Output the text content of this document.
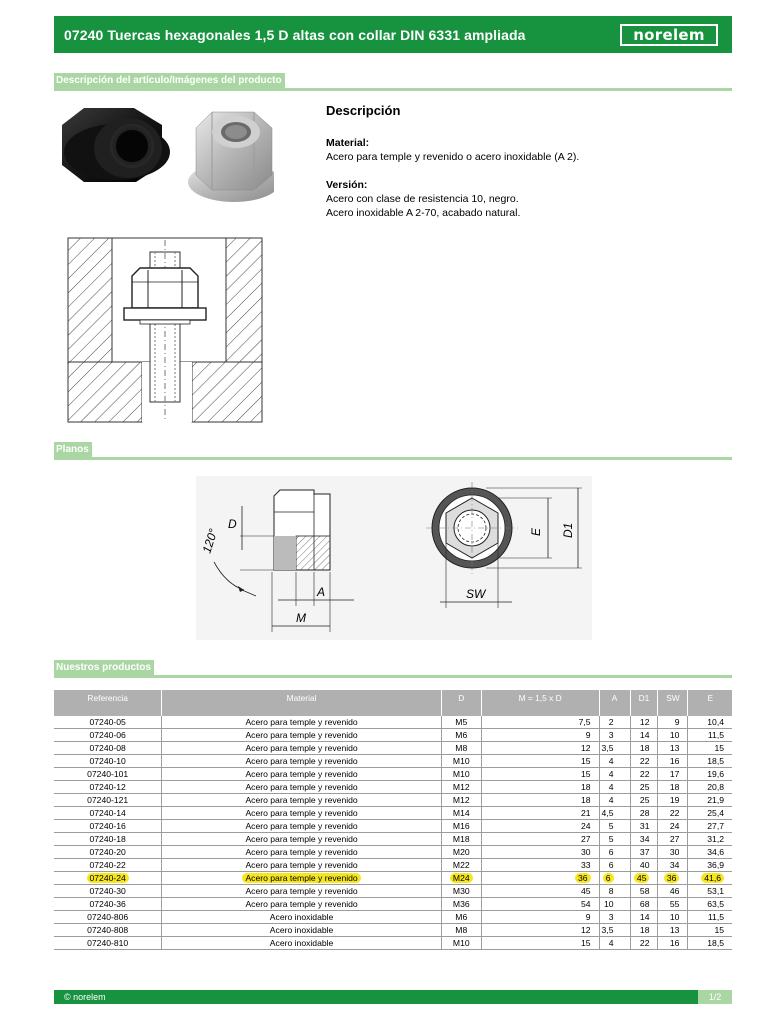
07240 Tuercas hexagonales 1,5 D altas con collar DIN 6331 ampliada	norelem
Descripción del artículo/Imágenes del producto
Descripción
Material:
Acero para temple y revenido o acero inoxidable (A 2).
Versión:
Acero con clase de resistencia 10, negro.
Acero inoxidable A 2-70, acabado natural.
Planos
D
120°
A
M
E D1
SW
Nuestros productos
Referencia	Material	D	M = 1,5 x D	A	D1	SW	E
07240-05	Acero para temple y revenido	M5	7,5	2	12	9	10,4
07240-06	Acero para temple y revenido	M6	9	3	14	10	11,5
07240-08	Acero para temple y revenido	M8	12	3,5	18	13	15
07240-10	Acero para temple y revenido	M10	15	4	22	16	18,5
07240-101	Acero para temple y revenido	M10	15	4	22	17	19,6
07240-12	Acero para temple y revenido	M12	18	4	25	18	20,8
07240-121	Acero para temple y revenido	M12	18	4	25	19	21,9
07240-14	Acero para temple y revenido	M14	21	4,5	28	22	25,4
07240-16	Acero para temple y revenido	M16	24	5	31	24	27,7
07240-18	Acero para temple y revenido	M18	27	5	34	27	31,2
07240-20	Acero para temple y revenido	M20	30	6	37	30	34,6
07240-22	Acero para temple y revenido	M22	33	6	40	34	36,9
07240-24	Acero para temple y revenido	M24	36	6	45	36	41,6
07240-30	Acero para temple y revenido	M30	45	8	58	46	53,1
07240-36	Acero para temple y revenido	M36	54	10	68	55	63,5
07240-806	Acero inoxidable	M6	9	3	14	10	11,5
07240-808	Acero inoxidable	M8	12	3,5	18	13	15
07240-810	Acero inoxidable	M10	15	4	22	16	18,5
© norelem	1/2
